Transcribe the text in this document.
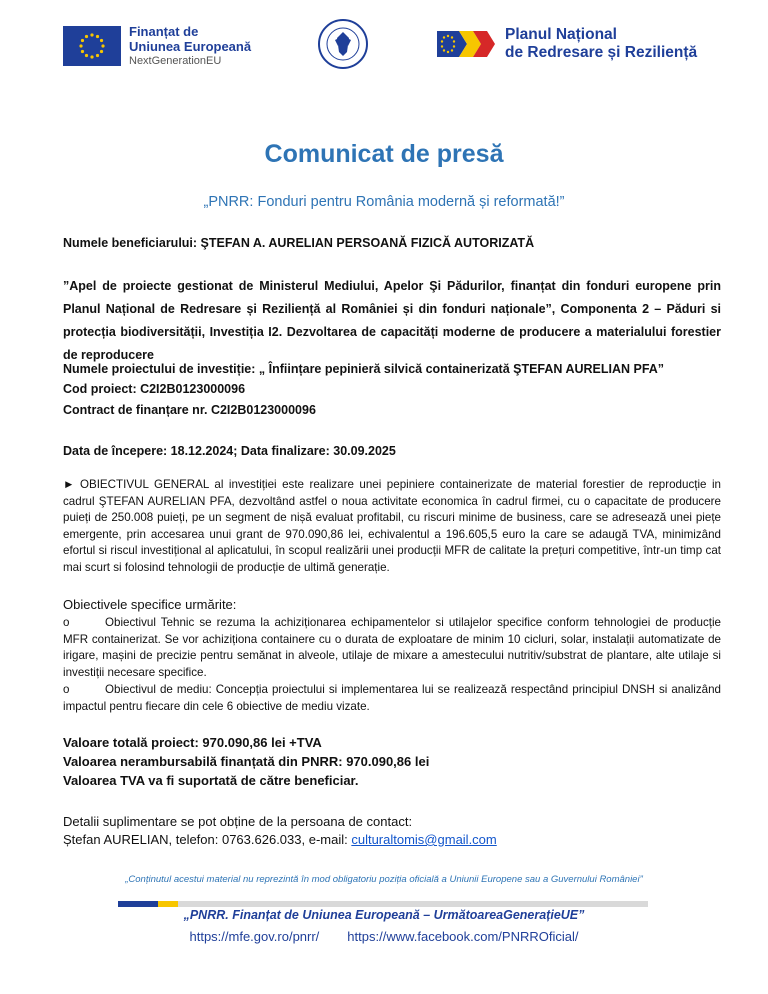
Finanțat de
Uniunea Europeană
NextGenerationEU
Planul Național
de Redresare și Reziliență
Comunicat de presă
„PNRR: Fonduri pentru România modernă și reformată!”
Numele beneficiarului: ŞTEFAN A. AURELIAN PERSOANĂ FIZICĂ AUTORIZATĂ
”Apel de proiecte gestionat de Ministerul Mediului, Apelor Şi Pădurilor, finanțat din fonduri europene prin Planul Național de Redresare și Reziliență al României și din fonduri naționale”, Componenta 2 – Păduri si protecția biodiversității, Investiția I2. Dezvoltarea de capacități moderne de producere a materialului forestier de reproducere
Numele proiectului de investiție: „ Înființare pepinieră silvică containerizată ŞTEFAN AURELIAN PFA”
Cod proiect: C2I2B0123000096
Contract de finanțare nr. C2I2B0123000096
Data de începere: 18.12.2024; Data finalizare: 30.09.2025
► OBIECTIVUL GENERAL al investiției este realizare unei pepiniere containerizate de material forestier de reproducție in cadrul ŞTEFAN AURELIAN PFA, dezvoltând astfel o noua activitate economica în cadrul firmei, cu o capacitate de producere puieți de 250.008 puieți, pe un segment de nișă evaluat profitabil, cu riscuri minime de business, care se adresează unei piețe emergente, prin accesarea unui grant de 970.090,86 lei, echivalentul a 196.605,5 euro la care se adaugă TVA, minimizând efortul si riscul investițional al aplicatului, în scopul realizării unei producții MFR de calitate la prețuri competitive, într-un timp cat mai scurt si folosind tehnologii de producție de ultimă generație.
Obiectivele specifice urmărite:
o	Obiectivul Tehnic se rezuma la achiziționarea echipamentelor si utilajelor specifice conform tehnologiei de producție MFR containerizat. Se vor achiziționa containere cu o durata de exploatare de minim 10 cicluri, solar, instalații automatizate de irigare, mașini de precizie pentru semănat in alveole, utilaje de mixare a amestecului nutritiv/substrat de plantare, alte utilaje si investiții necesare specifice.
o	Obiectivul de mediu: Concepția proiectului si implementarea lui se realizează respectând principiul DNSH si analizând impactul pentru fiecare din cele 6 obiective de mediu vizate.
Valoare totală proiect: 970.090,86 lei +TVA
Valoarea nerambursabilă finanțată din PNRR: 970.090,86 lei
Valoarea TVA va fi suportată de către beneficiar.
Detalii suplimentare se pot obține de la persoana de contact:
Ștefan AURELIAN, telefon: 0763.626.033, e-mail: culturaltomis@gmail.com
„Conținutul acestui material nu reprezintă în mod obligatoriu poziția oficială a Uniunii Europene sau a Guvernului României”
„PNRR. Finanțat de Uniunea Europeană – UrmătoareaGenerațieUE”
https://mfe.gov.ro/pnrr/ https://www.facebook.com/PNRROficial/
